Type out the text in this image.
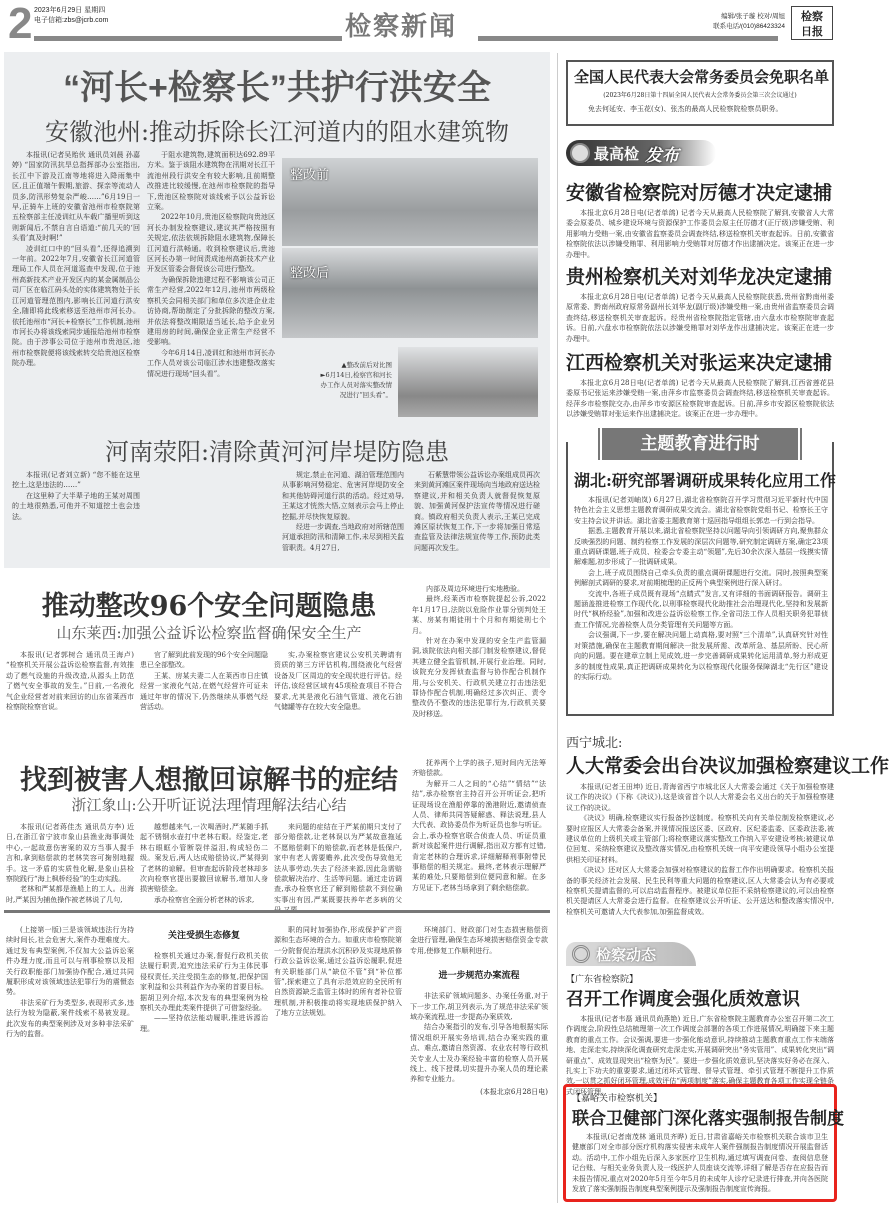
2 2023年6月29日 星期四
电子信箱:zbs@jcrb.com	检察新闻	编辑/张子璇 校对/周旭
联系电话/(010)86423324
检察
日报
“河长+检察长”共护行洪安全
安徽池州:推动拆除长江河道内的阻水建筑物

本报讯(记者吴贻伙 通讯员刘晨 孙嘉婷) “国家防汛抗旱总指挥部办公室指出,长江中下游及江南等地将进入降雨集中区,且正值端午假期,旅游、探亲等流动人员多,防汛形势复杂严峻……”6月19日一早,正骑车上班的安徽省池州市检察院第五检察部主任凌训红从车载广播里听到这则新闻后,不禁自言自语道:“前几天的‘回头看’真及时啊!”

凌训红口中的“回头看”,还得追溯到一年前。2022年7月,安徽省长江河道管理局工作人员在河道巡查中发现,位于池州高新技术产业开发区内的某金属制品公司厂区在临江码头处的实体建筑物处于长江河道管理范围内,影响长江河道行洪安全,随即将此线索移送至池州市河长办。依托池州市“河长+检察长”工作机制,池州市河长办将该线索同步通报给池州市检察院。由于涉事公司位于池州市贵池区,池州市检察院便将该线索转交给贵池区检察院办理。

于阻水建筑物,建筑面积达692.89平方米。鉴于该阻水建筑物在汛期对长江干流池州段行洪安全有较大影响,且前期整改推进比较缓慢,在池州市检察院的指导下,贵池区检察院对该线索予以公益诉讼立案。

2022年10月,贵池区检察院向贵池区河长办制发检察建议,建议其严格按照有关规定,依法依规拆除阻水建筑物,保障长江河道行洪畅通。收到检察建议后,贵池区河长办第一时间责成池州高新技术产业开发区管委会督促该公司进行整改。

为确保拆除违建过程不影响该公司正常生产经营,2022年12月,池州市两级检察机关会同相关部门和单位多次进企业走访协商,帮助制定了分批拆除的整改方案,并依法将整改期限适当延长,给予企业另建用房的时间,确保企业正常生产经营不受影响。

今年6月14日,凌训红和池州市河长办工作人员对该公司临江涉水违建整改落实情况进行现场“回头看”。

整改前
整改后
▲整改前后对比图
►6月14日,检察官和河长办工作人员对落实整改情况进行“回头看”。
河南荥阳:清除黄河河岸堤防隐患

本报讯(记者刘立新) “您不能在这里挖土,这是违法的……”

在这里种了大半辈子地的王某对周围的土地很熟悉,可他并不知道挖土也会违法。

规定,禁止在河道、湖泊管理范围内从事影响河势稳定、危害河岸堤防安全和其他妨碍河道行洪的活动。经过劝导,王某这才恍然大悟,立刻表示会马上停止挖掘,并尽快恢复原貌。

经进一步调查,当地政府对所辖范围河道承担防汛和清障工作,未尽到相关监管职责。4月27日,

石紫慧带领公益诉讼办案组成员再次来到黄河滩区案件现场向当地政府送达检察建议,并和相关负责人就督促恢复原貌、加强黄河保护法宣传等情况进行磋商。镇政府相关负责人表示,王某已完成滩区原状恢复工作,下一步将加强日常巡查监管及法律法规宣传等工作,预防此类问题再次发生。

推动整改96个安全问题隐患
山东莱西:加强公益诉讼检察监督确保安全生产

本报讯(记者郭树合 通讯员王海卢) “检察机关开展公益诉讼检察监督,有效推动了燃气设施的升级改造,从源头上防范了燃气安全事故的发生。”日前,一名液化气企业经营者对前来回访的山东省莱西市检察院检察官说。

官了解到此前发现的96个安全问题隐患已全部整改。

王某、房某夫妻二人在莱西市日庄镇经营一家液化气站,在燃气经营许可证未通过年审的情况下,仍然继续从事燃气经营活动。

实,办案检察官建议公安机关聘请有资质的第三方评估机构,围绕液化气经营设备及厂区周边的安全现状进行评估。经评估,该经营区域有45项检查项目不符合要求,尤其是液化石油气管道、液化石油气储罐等存在较大安全隐患。

内部及周边环境进行实地勘验。

最终,经莱西市检察院提起公诉,2022年1月17日,法院以危险作业罪分别判处王某、房某有期徒刑十个月和有期徒刑七个月。

针对在办案中发现的安全生产监管漏洞,该院依法向相关部门制发检察建议,督促其建立健全监管机制,开展行业治理。同时,该院充分发挥侦查监督与协作配合机制作用,与公安机关、行政机关建立打击违法犯罪协作配合机制,明确经过多次纠正、责令整改仍不整改的违法犯罪行为,行政机关要及时移送。

找到被害人想撤回谅解书的症结
浙江象山:公开听证说法理情理解法结心结

本报讯(记者蒋佳杰 通讯员方李) 近日,在浙江省宁波市象山县渔业海事调处中心,一起故意伤害案的双方当事人握手言和,拿到赔偿款的老林笑容可掬别地握手。这一矛盾的实质性化解,是象山县检察院践行“海上枫桥经验”的生动实践。

老林和严某都是渔船上的工人。出海时,严某因为捕鱼操作被老林说了几句,

越想越来气,一次喝酒时,严某随手抓起不锈钢水壶打中老林右眼。经鉴定,老林右眼眶小管断裂伴溢泪,构成轻伤二级。案发后,两人达成赔偿协议,严某得到了老林的谅解。但审查起诉阶段老林却多次向检察官提出要撤回谅解书,增加人身损害赔偿金。

承办检察官全面分析老林的诉求,

来问题的症结在于严某前期只支付了部分赔偿款,让老林误以为严某故意拖延不愿赔偿剩下的赔偿款,而老林是低保户,家中有老人需要赡养,此次受伤导致他无法从事劳动,失去了经济来源,因此急需赔偿款解决治疗、生活等问题。通过走访调查,承办检察官还了解到赔偿款不到位确实事出有因,严某既要扶养年老多病的父

抚养两个上学的孩子,短时间内无法筹齐赔偿款。

为解开二人之间的“心结”“情结”“法结”,承办检察官主持召开公开听证会,把听证现场设在渔船停靠的渔港附近,邀请侦查人员、律师共同答疑解惑、释法说理,县人大代表、政协委员作为听证员也参与听证。会上,承办检察官联合侦查人员、听证员重新对该起案件进行调解,指出双方都有过错,肯定老林的合理诉求,详细解释刑事附带民事赔偿的相关规定。最终,老林表示理解严某的难处,只要赔偿到位便同意和解。在多方见证下,老林当场拿到了剩余赔偿款。

(上接第一版)三是该领域违法行为持续时间长,社会危害大,案件办理难度大。通过发布典型案例,不仅加大公益诉讼案件办理力度,而且可以与刑事检察以及相关行政职能部门加强协作配合,通过共同履职形成对该领域违法犯罪行为的震慑态势。

非法采矿行为类型多,表现形式多,违法行为较为隐蔽,案件线索不易被发现。此次发布的典型案例涉及对多种非法采矿行为的监督。

关注受损生态修复

检察机关通过办案,督促行政机关依法履行职责,追究违法采矿行为主体民事侵权责任,关注受损生态的修复,把保护国家利益和公共利益作为办案的首要目标。据胡卫列介绍,本次发布的典型案例为检察机关办理此类案件提供了可借鉴经验。

——坚持依法能动履职,推进诉源治理。

职的同时加强协作,形成保护矿产资源和生态环境的合力。如重庆市检察院第一分院督促治理洪水沉积砂及实现地质修行政公益诉讼案,通过公益诉讼履职,促进有关职能部门从“缺位不管”到“补位都管”,探索建立了具有示范效应的全民所有自然资源缺乏监管主体时的所有者补位管理机制,并积极推动将实现地质保护纳入了地方立法规划。

环境部门、财政部门对生态损害赔偿资金进行管理,确保生态环境损害赔偿资金专款专用,使修复工作顺利进行。

进一步规范办案流程

非法采矿领域问题多、办案任务重,对于下一步工作,胡卫列表示,为了规范非法采矿领域办案流程,进一步提高办案质效,

结合办案指引的发布,引导各地根据实际情况组织开展实务培训,结合办案实践的重点、难点,邀请自然资源、农业农村等行政机关专业人士及办案经验丰富的检察人员开展线上、线下授课,切实提升办案人员的理论素养和专业能力。

(本报北京6月28日电)
全国人民代表大会常务委员会免职名单
(2023年6月28日第十四届全国人民代表大会常务委员会第三次会议通过)
免去何延安、李玉花(女)、张杰的最高人民检察院检察员职务。
最高检 发布
安徽省检察院对厉德才决定逮捕

本报北京6月28日电(记者单鸽) 记者今天从最高人民检察院了解到,安徽省人大常委会原委员、城乡建设环境与资源保护工作委员会原主任厉德才(正厅级)涉嫌受贿、利用影响力受贿一案,由安徽省监察委员会调查终结,移送检察机关审查起诉。日前,安徽省检察院依法以涉嫌受贿罪、利用影响力受贿罪对厉德才作出逮捕决定。该案正在进一步办理中。

贵州检察机关对刘华龙决定逮捕

本报北京6月28日电(记者单鸽) 记者今天从最高人民检察院获悉,贵州省黔南州委原常委、黔南州政府原常务副州长刘华龙(副厅级)涉嫌受贿一案,由贵州省监察委员会调查终结,移送检察机关审查起诉。经贵州省检察院指定管辖,由六盘水市检察院审查起诉。日前,六盘水市检察院依法以涉嫌受贿罪对刘华龙作出逮捕决定。该案正在进一步办理中。

江西检察机关对张运来决定逮捕

本报北京6月28日电(记者单鸽) 记者今天从最高人民检察院了解到,江西省莲花县委原书记张运来涉嫌受贿一案,由萍乡市监察委员会调查终结,移送检察机关审查起诉。经萍乡市检察院交办,由萍乡市安源区检察院审查起诉。日前,萍乡市安源区检察院依法以涉嫌受贿罪对张运来作出逮捕决定。该案正在进一步办理中。

主题教育进行时
湖北:研究部署调研成果转化应用工作

本报讯(记者刘岫岚) 6月27日,湖北省检察院召开学习贯彻习近平新时代中国特色社会主义思想主题教育调研成果交流会。湖北省检察院党组书记、检察长王守安主持会议并讲话。湖北省委主题教育第十巡回指导组组长郭忠一行到会指导。

据悉,主题教育开展以来,湖北省检察院坚持以问题导向引领调研方向,聚焦群众反映强烈的问题、制约检察工作发展的深层次问题等,研究制定调研方案,确定23项重点调研课题,班子成员、检委会专委主动“领题”,先后30余次深入基层一线摸实情解难题,初步形成了一批调研成果。

会上,班子成员围绕自己牵头负责的重点调研课题进行交流。同时,按照典型案例解剖式调研的要求,对前期梳理的正反两个典型案例进行深入研讨。

交流中,各班子成员既有现场“点睛式”发言,又有详细的书面调研报告。调研主题涵盖推进检察工作现代化,以刑事检察现代化助推社会治理现代化,坚持和发展新时代“枫桥经验”,加强和改进公益诉讼检察工作,全省司法工作人员相关职务犯罪侦查工作情况,完善检察人员分类管理有关问题等方面。

会议强调,下一步,要在解决问题上动真格,要对照“三个清单”,认真研究针对性对策措施,确保在主题教育期间解决一批发展所需、改革所急、基层所盼、民心所向的问题。要在建章立制上见成效,进一步完善调研成果转化运用清单,努力形成更多的制度性成果,真正把调研成果转化为以检察现代化服务保障湖北“先行区”建设的实际行动。

西宁城北:
人大常委会出台决议加强检察建议工作

本报讯(记者王田坤) 近日,青海省西宁市城北区人大常委会通过《关于加强检察建议工作的决议》(下称《决议》),这是该省首个以人大常委会名义出台的关于加强检察建议工作的决议。

《决议》明确,检察建议实行报备抄送制度。检察机关向有关单位制发检察建议,必要时应报区人大常委会备案,并视情况报送区委、区政府、区纪委监委、区委政法委,被建议单位的上级机关或主管部门;将检察建议落实整改工作纳入平安建设考核;被建议单位回复、采纳检察建议及整改落实情况,由检察机关统一向平安建设领导小组办公室提供相关印证材料。

《决议》还对区人大常委会加强对检察建议的监督工作作出明确要求。检察机关报备的事关经济社会发展、民生民利等重大问题的检察建议,区人大常委会认为有必要或检察机关提请监督的,可以启动监督程序。被建议单位拒不采纳检察建议的,可以由检察机关提请区人大常委会进行监督。在检察建议公开听证、公开送达和整改落实情况中,检察机关可邀请人大代表参加,加强监督成效。

检察动态
【广东省检察院】
召开工作调度会强化质效意识

本报讯(记者韦磊 通讯员尚燕艳) 近日,广东省检察院主题教育办公室召开第二次工作调度会,阶段性总结梳理第一次工作调度会部署的各项工作进展情况,明确接下来主题教育的重点工作。会议强调,要进一步强化能动意识,持续推动主题教育重点工作末端落地、走深走实,持续深化调查研究走深走实,开展调研突出“务实管用”、成果转化突出“调研重点”、成效显现突出“检察为民”。要进一步强化质效意识,坚决落实好务必在深入、扎实上下功夫的重要要求,通过闭环式管理、督导式管理、牵引式管理不断提升工作质效,一以贯之抓好闭环管理,成效评估“两项制度”落实,确保主题教育各项工作实现全链条式闭环管理。

【嘉峪关市检察机关】
联合卫健部门深化落实强制报告制度

本报讯(记者南茂林 通讯员齐晔) 近日,甘肃省嘉峪关市检察机关联合该市卫生健康部门对全市部分医疗机构落实侵害未成年人案件强制报告制度情况开展监督活动。活动中,工作小组先后深入多家医疗卫生机构,通过填写调查问卷、查阅信息登记台账、与相关业务负责人及一线医护人员座谈交流等,详细了解是否存在应报告而未报告情况,重点对2020年5月至今年5月的未成年人诊疗记录进行排查,并向各医院发放了落实强制报告制度典型案例提示及强制报告制度宣传海报。
